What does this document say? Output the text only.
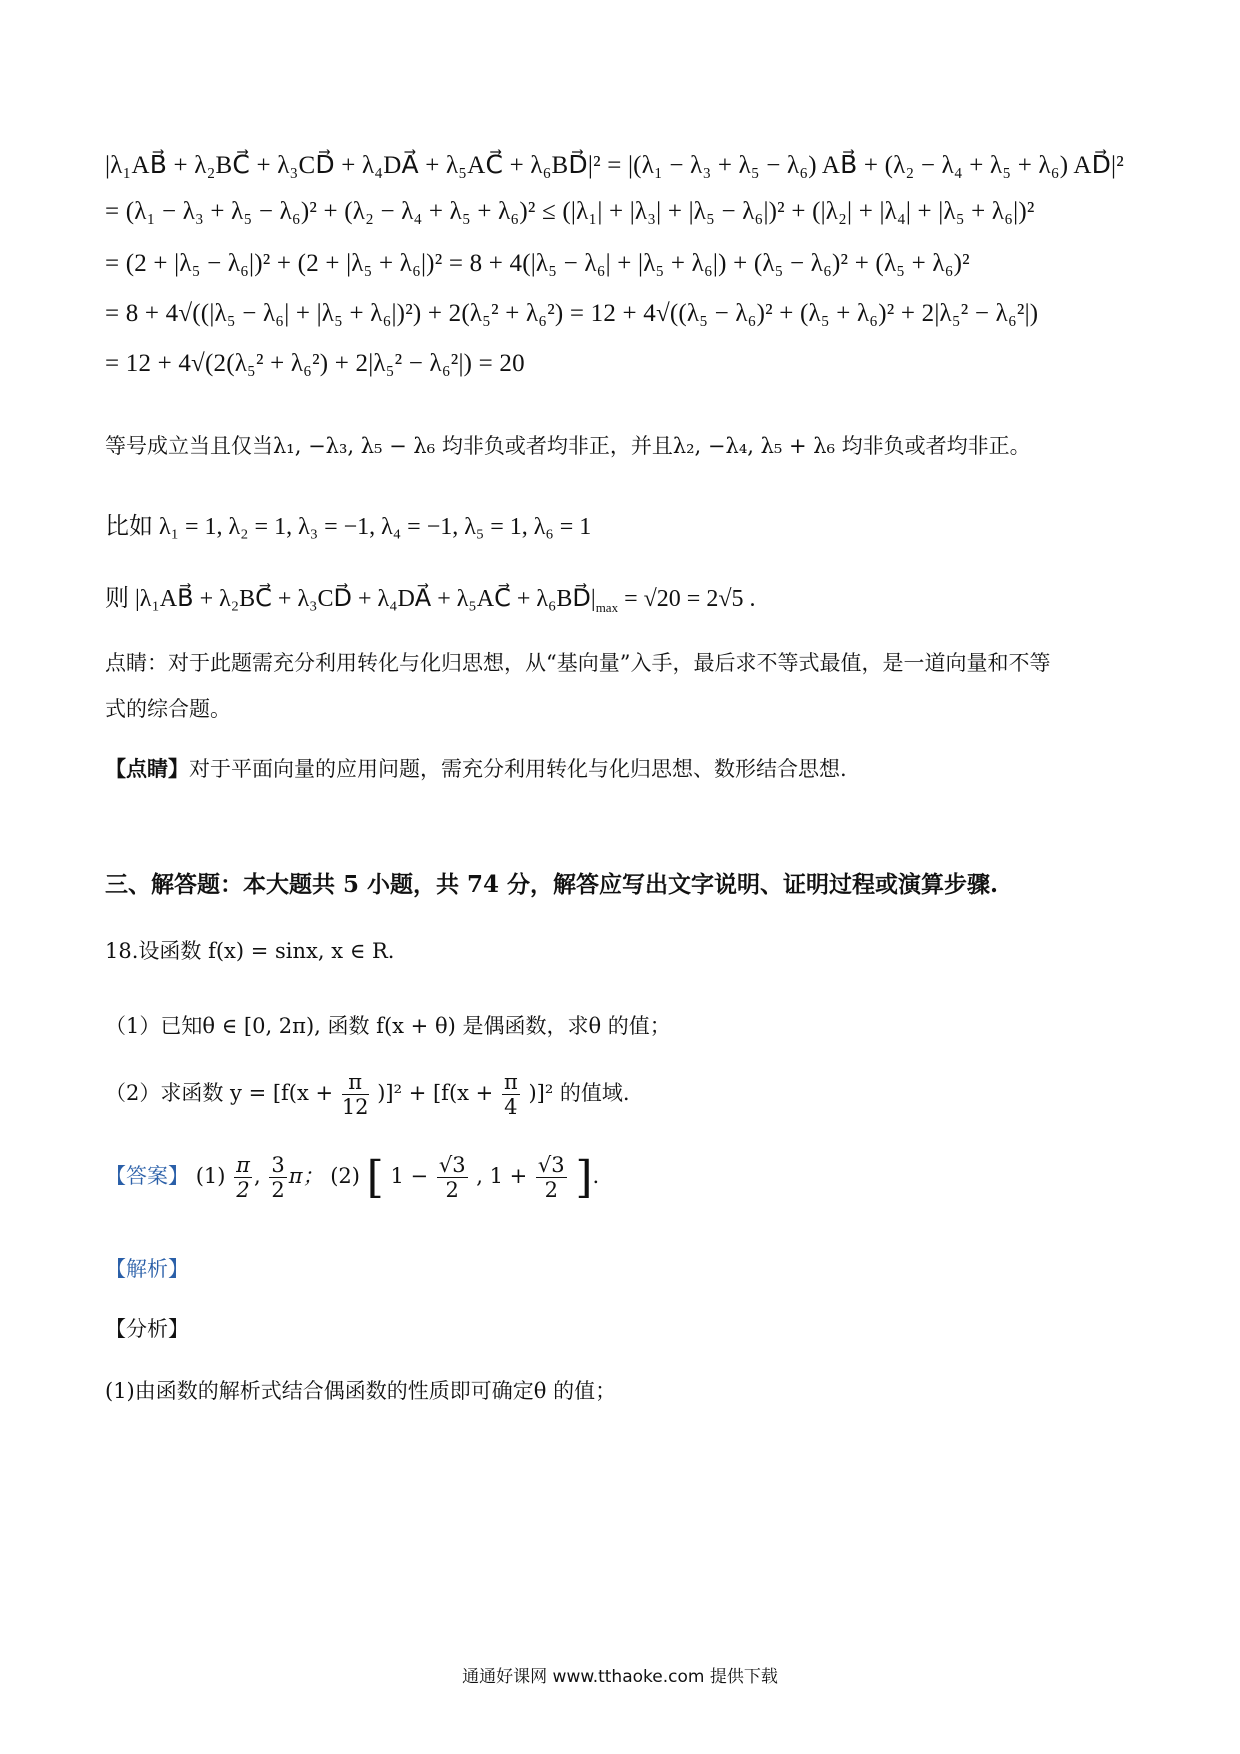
|λ₁AB⃗ + λ₂BC⃗ + λ₃CD⃗ + λ₄DA⃗ + λ₅AC⃗ + λ₆BD⃗|² = |(λ₁ − λ₃ + λ₅ − λ₆) AB⃗ + (λ₂ − λ₄ + λ₅ + λ₆) AD⃗|²
= (λ₁ − λ₃ + λ₅ − λ₆)² + (λ₂ − λ₄ + λ₅ + λ₆)² ≤ (|λ₁| + |λ₃| + |λ₅ − λ₆|)² + (|λ₂| + |λ₄| + |λ₅ + λ₆|)²
= (2 + |λ₅ − λ₆|)² + (2 + |λ₅ + λ₆|)² = 8 + 4(|λ₅ − λ₆| + |λ₅ + λ₆|) + (λ₅ − λ₆)² + (λ₅ + λ₆)²
= 8 + 4√((|λ₅ − λ₆| + |λ₅ + λ₆|)²) + 2(λ₅² + λ₆²) = 12 + 4√((λ₅ − λ₆)² + (λ₅ + λ₆)² + 2|λ₅² − λ₆²|)
= 12 + 4√(2(λ₅² + λ₆²) + 2|λ₅² − λ₆²|) = 20
等号成立当且仅当λ₁, −λ₃, λ₅ − λ₆ 均非负或者均非正，并且λ₂, −λ₄, λ₅ + λ₆ 均非负或者均非正。
比如 λ₁ = 1, λ₂ = 1, λ₃ = −1, λ₄ = −1, λ₅ = 1, λ₆ = 1
则 |λ₁AB⃗ + λ₂BC⃗ + λ₃CD⃗ + λ₄DA⃗ + λ₅AC⃗ + $\lambda_6BD⃗|_{max} = √20 = 2√5$ .
点睛：对于此题需充分利用转化与化归思想，从“基向量”入手，最后求不等式最值，是一道向量和不等
式的综合题。
【点睛】对于平面向量的应用问题，需充分利用转化与化归思想、数形结合思想.
三、解答题：本大题共 5 小题，共 74 分，解答应写出文字说明、证明过程或演算步骤.
18.设函数 f(x) = sinx, x ∈ R.
（1）已知θ ∈ [0, 2π), 函数 f(x + θ) 是偶函数，求θ 的值；
（2）求函数 $y = [f(x + \frac{\pi}{12} )]^2 + [f(x + \frac{\pi}{4} )]^2$ 的值域.
【答案】 $(1) \frac{\pi}{2}$ , $\frac{3}{2}$ π； (2) [ $1 - \frac{√3}{2}$ , $1 + \frac{√3}{2}$ ].
【解析】
【分析】
(1)由函数的解析式结合偶函数的性质即可确定θ 的值；
通通好课网 www.tthaoke.com 提供下载
